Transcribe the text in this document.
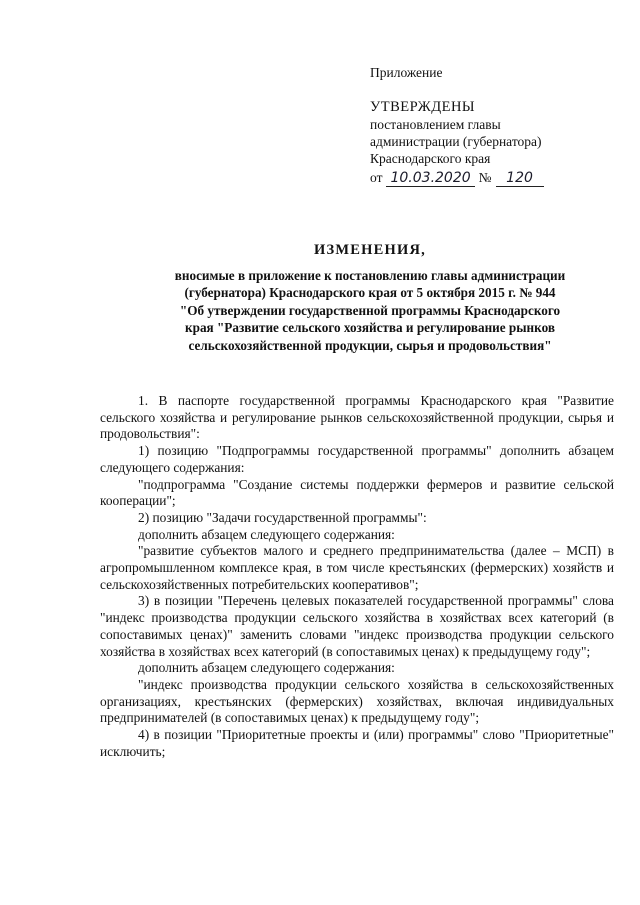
Приложение
УТВЕРЖДЕНЫ
постановлением главы
администрации (губернатора)
Краснодарского края
от 10.03.2020 №	120
ИЗМЕНЕНИЯ,
вносимые в приложение к постановлению главы администрации
(губернатора) Краснодарского края от 5 октября 2015 г. № 944
"Об утверждении государственной программы Краснодарского
края "Развитие сельского хозяйства и регулирование рынков
сельскохозяйственной продукции, сырья и продовольствия"

1. В паспорте государственной программы Краснодарского края "Развитие сельского хозяйства и регулирование рынков сельскохозяйственной продукции, сырья и продовольствия":

1) позицию "Подпрограммы государственной программы" дополнить абзацем следующего содержания:

"подпрограмма "Создание системы поддержки фермеров и развитие сельской кооперации";

2) позицию "Задачи государственной программы":

дополнить абзацем следующего содержания:

"развитие субъектов малого и среднего предпринимательства (далее – МСП) в агропромышленном комплексе края, в том числе крестьянских (фермерских) хозяйств и сельскохозяйственных потребительских кооперативов";

3) в позиции "Перечень целевых показателей государственной программы" слова "индекс производства продукции сельского хозяйства в хозяйствах всех категорий (в сопоставимых ценах)" заменить словами "индекс производства продукции сельского хозяйства в хозяйствах всех категорий (в сопоставимых ценах) к предыдущему году";

дополнить абзацем следующего содержания:

"индекс производства продукции сельского хозяйства в сельскохозяйственных организациях, крестьянских (фермерских) хозяйствах, включая индивидуальных предпринимателей (в сопоставимых ценах) к предыдущему году";

4) в позиции "Приоритетные проекты и (или) программы" слово "Приоритетные" исключить;
